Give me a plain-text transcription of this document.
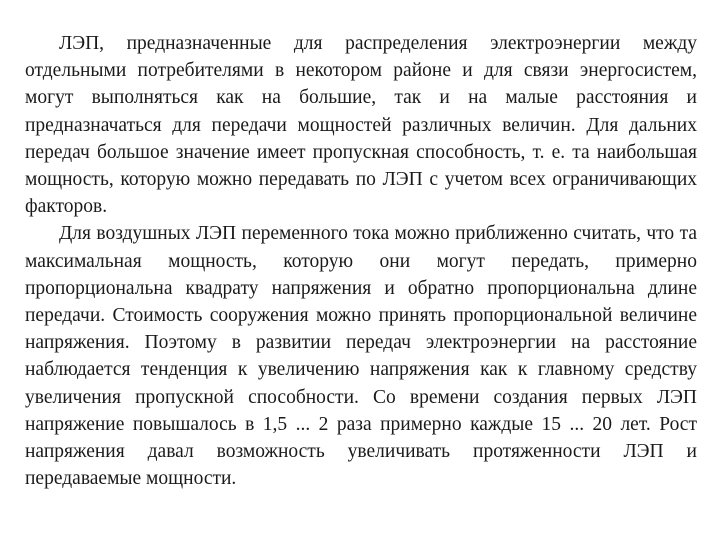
ЛЭП, предназначенные для распределения электроэнергии между отдельными потребителями в некотором районе и для связи энергосистем, могут выполняться как на большие, так и на малые расстояния и предназначаться для передачи мощностей различных величин. Для дальних передач большое значение имеет пропускная способность, т. е. та наибольшая мощность, которую можно передавать по ЛЭП с учетом всех ограничивающих факторов.

Для воздушных ЛЭП переменного тока можно приближенно считать, что та максимальная мощность, которую они могут передать, примерно пропорциональна квадрату напряжения и обратно пропорциональна длине передачи. Стоимость сооружения можно принять пропорциональной величине напряжения. Поэтому в развитии передач электроэнергии на расстояние наблюдается тенденция к увеличению напряжения как к главному средству увеличения пропускной способности. Со времени создания первых ЛЭП напряжение повышалось в 1,5 ... 2 раза примерно каждые 15 ... 20 лет. Рост напряжения давал возможность увеличивать протяженности ЛЭП и передаваемые мощности.
